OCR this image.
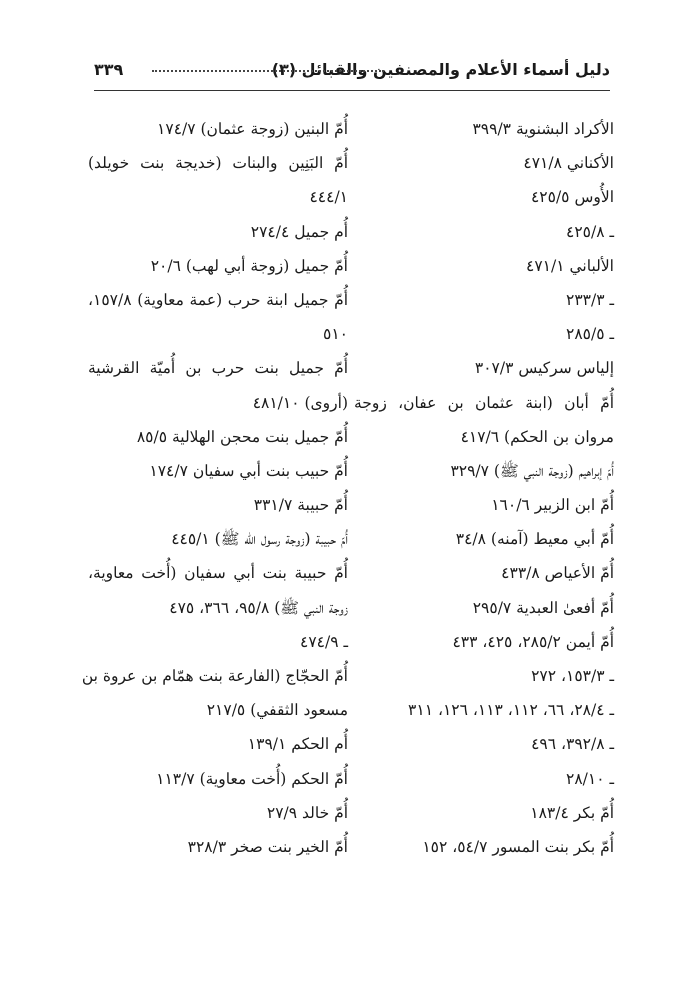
دليل أسماء الأعلام والمصنفين والقبائل (٣)
٣٣٩
الأكراد البشنوية ٣٩٩/٣
الأكناني ٤٧١/٨
الأُوس ٤٢٥/٥
ـ ٤٢٥/٨
الألباني ٤٧١/١
ـ ٢٣٣/٣
ـ ٢٨٥/٥
إلياس سركيس ٣٠٧/٣
أُمّ أبان (ابنة عثمان بن عفان، زوجة
مروان بن الحكم) ٤١٧/٦
أُمّ إبراهيم (زوجة النبي ﷺ) ٣٢٩/٧
أُمّ ابن الزبير ١٦٠/٦
أُمّ أبي معيط (آمنه) ٣٤/٨
أُمّ الأعياص ٤٣٣/٨
أُمّ أفعىٰ العبدية ٢٩٥/٧
أُمّ أيمن ٢٨٥/٢، ٤٢٥، ٤٣٣
ـ ١٥٣/٣، ٢٧٢
ـ ٢٨/٤، ٦٦، ١١٢، ١١٣، ١٢٦، ٣١١
ـ ٣٩٢/٨، ٤٩٦
ـ ٢٨/١٠
أُمّ بكر ١٨٣/٤
أُمّ بكر بنت المسور ٥٤/٧، ١٥٢
أُمّ البنين (زوجة عثمان) ١٧٤/٧
أُمّ البَنِين والبنات (خديجة بنت خويلد)
٤٤٤/١
أُم جميل ٢٧٤/٤
أُمّ جميل (زوجة أبي لهب) ٢٠/٦
أُمّ جميل ابنة حرب (عمة معاوية) ١٥٧/٨،
٥١٠
أُمّ جميل بنت حرب بن أُميّة القرشية
(أروى) ٤٨١/١٠
أُمّ جميل بنت محجن الهلالية ٨٥/٥
أُمّ حبيب بنت أبي سفيان ١٧٤/٧
أُمّ حبيبة ٣٣١/٧
أُمّ حبيبة (زوجة رسول الله ﷺ) ٤٤٥/١
أُمّ حبيبة بنت أبي سفيان (أُخت معاوية،
زوجة النبي ﷺ) ٩٥/٨، ٣٦٦، ٤٧٥
ـ ٤٧٤/٩
أُمّ الحجّاج (الفارعة بنت همّام بن عروة بن
مسعود الثقفي) ٢١٧/٥
أُم الحكم ١٣٩/١
أُمّ الحكم (أُخت معاوية) ١١٣/٧
أُمّ خالد ٢٧/٩
أُمّ الخير بنت صخر ٣٢٨/٣
